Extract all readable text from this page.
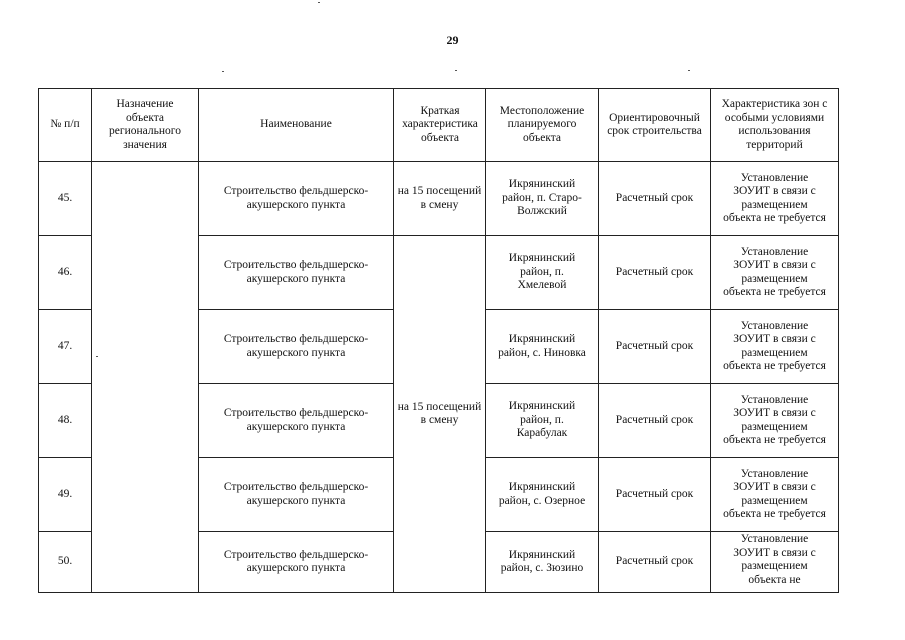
29
№ п/п	Назначение объекта регионального значения	Наименование	Краткая характеристика объекта	Местоположение планируемого объекта	Ориентировочный срок строительства	Характеристика зон с особыми условиями использования территорий

45.		Строительство фельдшерско-акушерского пункта	на 15 посещений в смену	Икрянинский район, п. Старо-Волжский	Расчетный срок	Установление ЗОУИТ в связи с размещением объекта не требуется

46.		Строительство фельдшерско-акушерского пункта	на 15 посещений в смену	Икрянинский район, п. Хмелевой	Расчетный срок	Установление ЗОУИТ в связи с размещением объекта не требуется

47.		Строительство фельдшерско-акушерского пункта		Икрянинский район, с. Ниновка	Расчетный срок	Установление ЗОУИТ в связи с размещением объекта не требуется

48.		Строительство фельдшерско-акушерского пункта		Икрянинский район, п. Карабулак	Расчетный срок	Установление ЗОУИТ в связи с размещением объекта не требуется

49.		Строительство фельдшерско-акушерского пункта		Икрянинский район, с. Озерное	Расчетный срок	Установление ЗОУИТ в связи с размещением объекта не требуется

50.		Строительство фельдшерско-акушерского пункта		Икрянинский район, с. Зюзино	Расчетный срок	Установление ЗОУИТ в связи с размещением объекта не
